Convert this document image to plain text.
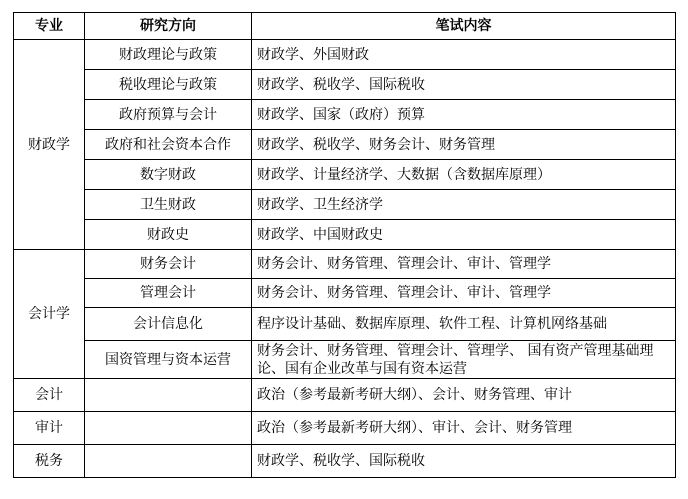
专业	研究方向	笔试内容
财政学	财政理论与政策	财政学、外国财政
	税收理论与政策	财政学、税收学、国际税收
	政府预算与会计	财政学、国家（政府）预算
	政府和社会资本合作	财政学、税收学、财务会计、财务管理
	数字财政	财政学、计量经济学、大数据（含数据库原理）
	卫生财政	财政学、卫生经济学
	财政史	财政学、中国财政史
会计学	财务会计	财务会计、财务管理、管理会计、审计、管理学
	管理会计	财务会计、财务管理、管理会计、审计、管理学
	会计信息化	程序设计基础、数据库原理、软件工程、计算机网络基础
	国资管理与资本运营	财务会计、财务管理、管理会计、管理学、 国有资产管理基础理论、国有企业改革与国有资本运营
会计		政治（参考最新考研大纲）、会计、财务管理、审计
审计		政治（参考最新考研大纲）、审计、会计、财务管理
税务		财政学、税收学、国际税收
